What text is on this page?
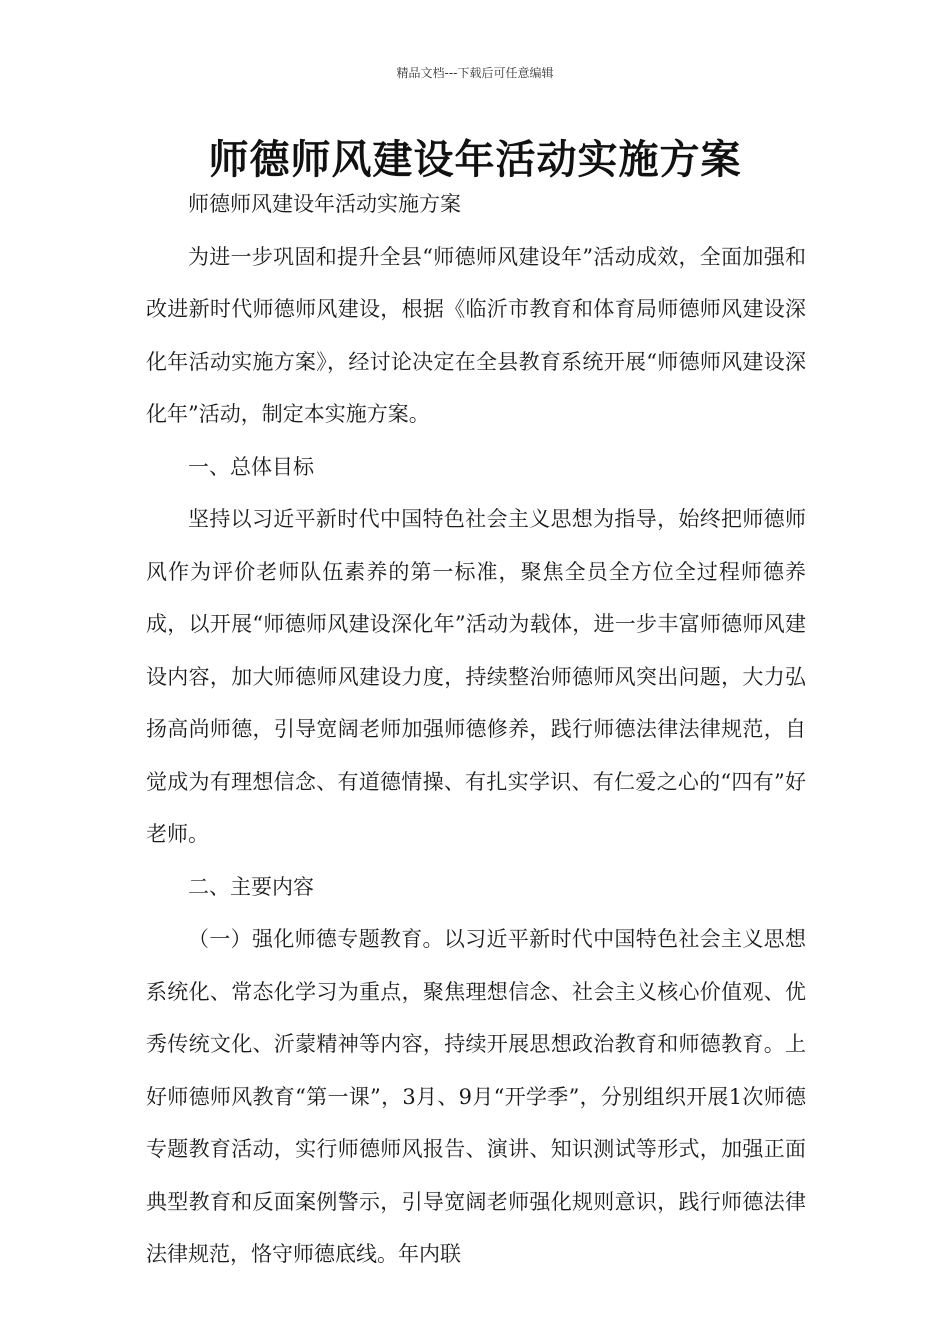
精品文档---下载后可任意编辑
师德师风建设年活动实施方案

师德师风建设年活动实施方案

为进一步巩固和提升全县“师德师风建设年”活动成效，全面加强和改进新时代师德师风建设，根据《临沂市教育和体育局师德师风建设深化年活动实施方案》，经讨论决定在全县教育系统开展“师德师风建设深化年”活动，制定本实施方案。

一、总体目标

坚持以习近平新时代中国特色社会主义思想为指导，始终把师德师风作为评价老师队伍素养的第一标准，聚焦全员全方位全过程师德养成，以开展“师德师风建设深化年”活动为载体，进一步丰富师德师风建设内容，加大师德师风建设力度，持续整治师德师风突出问题，大力弘扬高尚师德，引导宽阔老师加强师德修养，践行师德法律法律规范，自觉成为有理想信念、有道德情操、有扎实学识、有仁爱之心的“四有”好老师。

二、主要内容

（一）强化师德专题教育。以习近平新时代中国特色社会主义思想系统化、常态化学习为重点，聚焦理想信念、社会主义核心价值观、优秀传统文化、沂蒙精神等内容，持续开展思想政治教育和师德教育。上好师德师风教育“第一课”，3月、9月“开学季”，分别组织开展1次师德专题教育活动，实行师德师风报告、演讲、知识测试等形式，加强正面典型教育和反面案例警示，引导宽阔老师强化规则意识，践行师德法律法律规范，恪守师德底线。年内联
